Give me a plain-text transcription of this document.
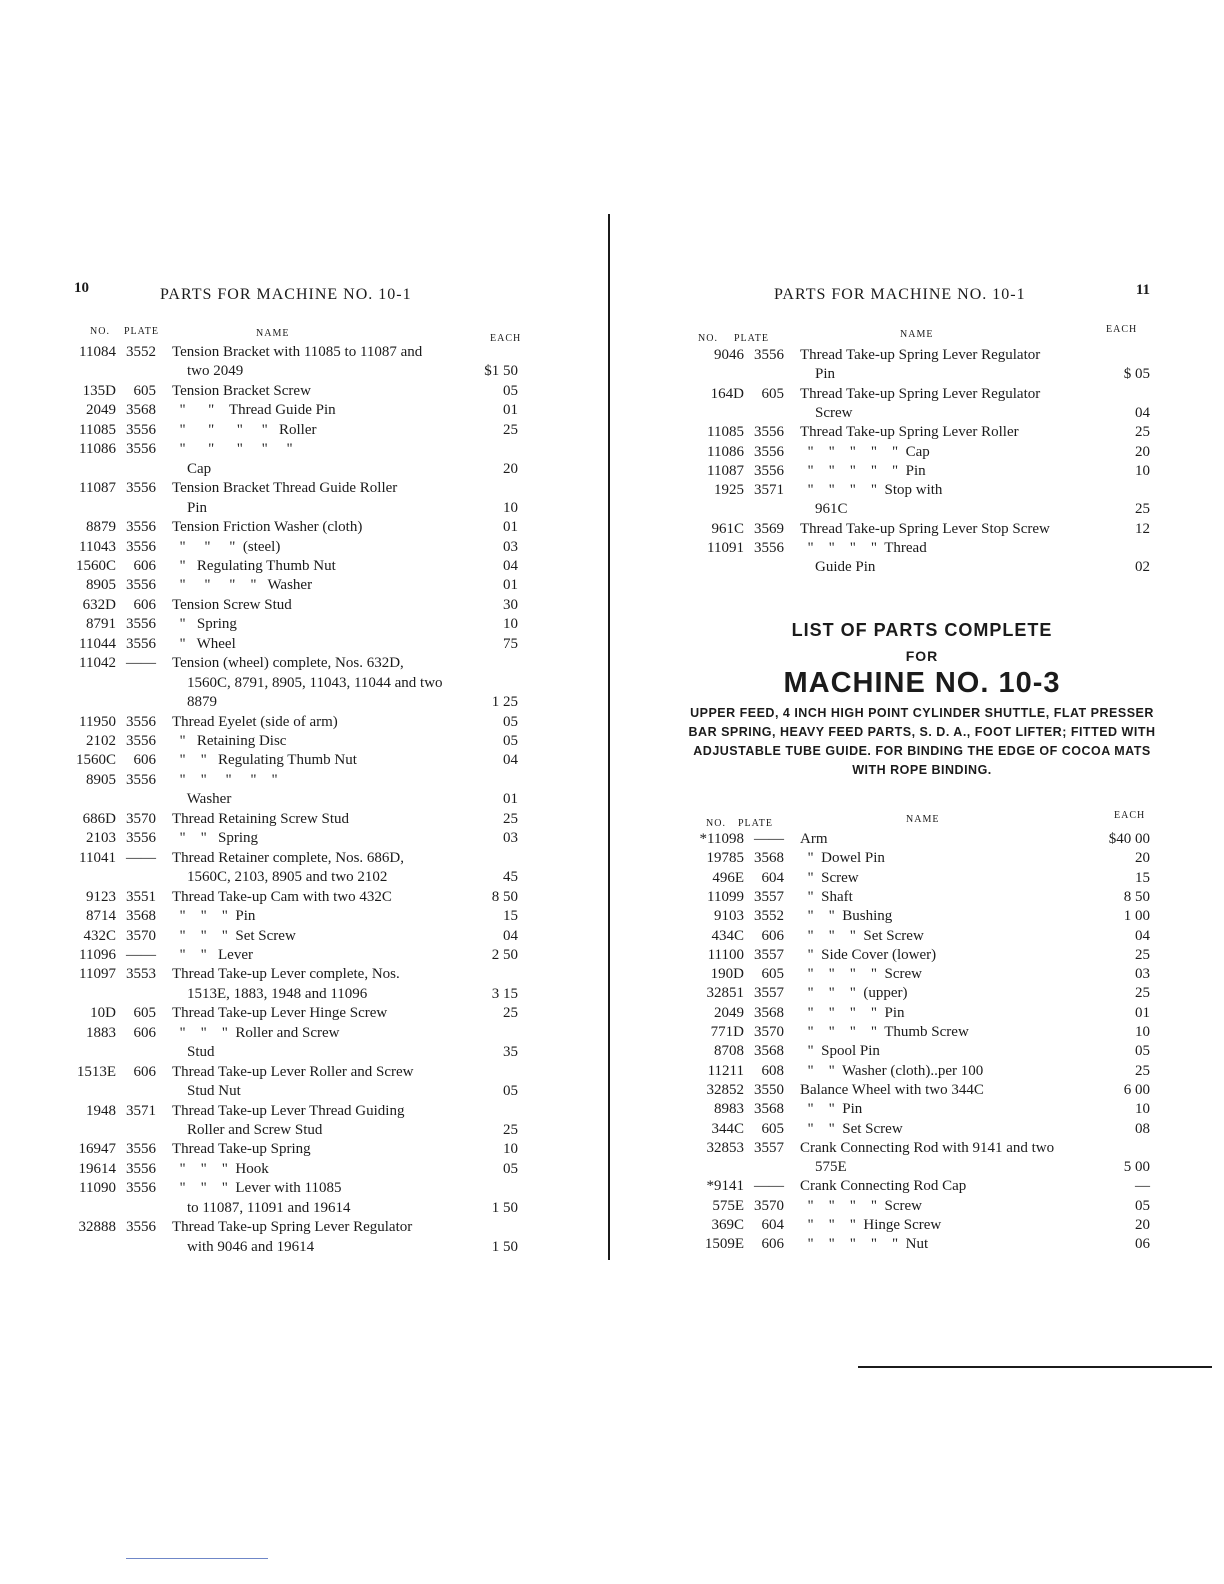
10	PARTS FOR MACHINE NO. 10-1
NO. PLATE	NAME	EACH
11084 3552 Tension Bracket with 11085 to 11087 and
two 2049	$1 50
135D	605 Tension Bracket Screw	05
2049 3568 "      "    Thread Guide Pin	01
11085 3556 "      "      "     "   Roller	25
11086 3556 "      "      "     "     "
Cap	20
11087 3556 Tension Bracket Thread Guide Roller
Pin	10
8879 3556 Tension Friction Washer (cloth)	01
11043 3556 "     "     "  (steel)	03
1560C	606 "   Regulating Thumb Nut	04
8905 3556 "     "     "    "   Washer	01
632D	606 Tension Screw Stud	30
8791 3556 "   Spring	10
11044 3556 "   Wheel	75
11042 —— Tension (wheel) complete, Nos. 632D,
1560C, 8791, 8905, 11043, 11044 and two
8879	1 25
11950 3556 Thread Eyelet (side of arm)	05
2102 3556 "   Retaining Disc	05
1560C	606 "    "   Regulating Thumb Nut	04
8905 3556 "    "     "     "    "
Washer	01
686D 3570 Thread Retaining Screw Stud	25
2103 3556 "    "   Spring	03
11041 —— Thread Retainer complete, Nos. 686D,
1560C, 2103, 8905 and two 2102	45
9123 3551 Thread Take-up Cam with two 432C	8 50
8714 3568 "    "    "  Pin	15
432C 3570 "    "    "  Set Screw	04
11096 —— "    "   Lever	2 50
11097 3553 Thread Take-up Lever complete, Nos.
1513E, 1883, 1948 and 11096	3 15
10D	605 Thread Take-up Lever Hinge Screw	25
1883	606 "    "    "  Roller and Screw
Stud	35
1513E	606 Thread Take-up Lever Roller and Screw
Stud Nut	05
1948 3571 Thread Take-up Lever Thread Guiding
Roller and Screw Stud	25
16947 3556 Thread Take-up Spring	10
19614 3556 "    "    "  Hook	05
11090 3556 "    "    "  Lever with 11085
to 11087, 11091 and 19614	1 50
32888 3556 Thread Take-up Spring Lever Regulator
with 9046 and 19614	1 50
11
PARTS FOR MACHINE NO. 10-1
NO. PLATE	NAME	EACH
9046 3556 Thread Take-up Spring Lever Regulator
Pin	$ 05
164D	605 Thread Take-up Spring Lever Regulator
Screw	04
11085 3556 Thread Take-up Spring Lever Roller	25
11086 3556 "    "    "    "    "  Cap	20
11087 3556 "    "    "    "    "  Pin	10
1925 3571 "    "    "    "  Stop with
961C	25
961C 3569 Thread Take-up Spring Lever Stop Screw	12
11091 3556 "    "    "    "  Thread
Guide Pin	02
LIST OF PARTS COMPLETE
FOR
MACHINE NO. 10-3
UPPER FEED, 4 INCH HIGH POINT CYLINDER SHUTTLE, FLAT PRESSER BAR SPRING, HEAVY FEED PARTS, S. D. A., FOOT LIFTER; FITTED WITH ADJUSTABLE TUBE GUIDE. FOR BINDING THE EDGE OF COCOA MATS WITH ROPE BINDING.
NO. PLATE	NAME	EACH
*11098 —— Arm	$40 00
19785 3568 "  Dowel Pin	20
496E	604 "  Screw	15
11099 3557 "  Shaft	8 50
9103 3552 "    "  Bushing	1 00
434C	606 "    "    "  Set Screw	04
11100 3557 "  Side Cover (lower)	25
190D	605 "    "    "    "  Screw	03
32851 3557 "    "    "  (upper)	25
2049 3568 "    "    "    "  Pin	01
771D 3570 "    "    "    "  Thumb Screw	10
8708 3568 "  Spool Pin	05
11211	608 "    "  Washer (cloth)..per 100	25
32852 3550 Balance Wheel with two 344C	6 00
8983 3568 "    "  Pin	10
344C	605 "    "  Set Screw	08
32853 3557 Crank Connecting Rod with 9141 and two
575E	5 00
*9141 —— Crank Connecting Rod Cap	—
575E 3570 "    "    "    "  Screw	05
369C	604 "    "    "  Hinge Screw	20
1509E	606 "    "    "    "    "  Nut	06
